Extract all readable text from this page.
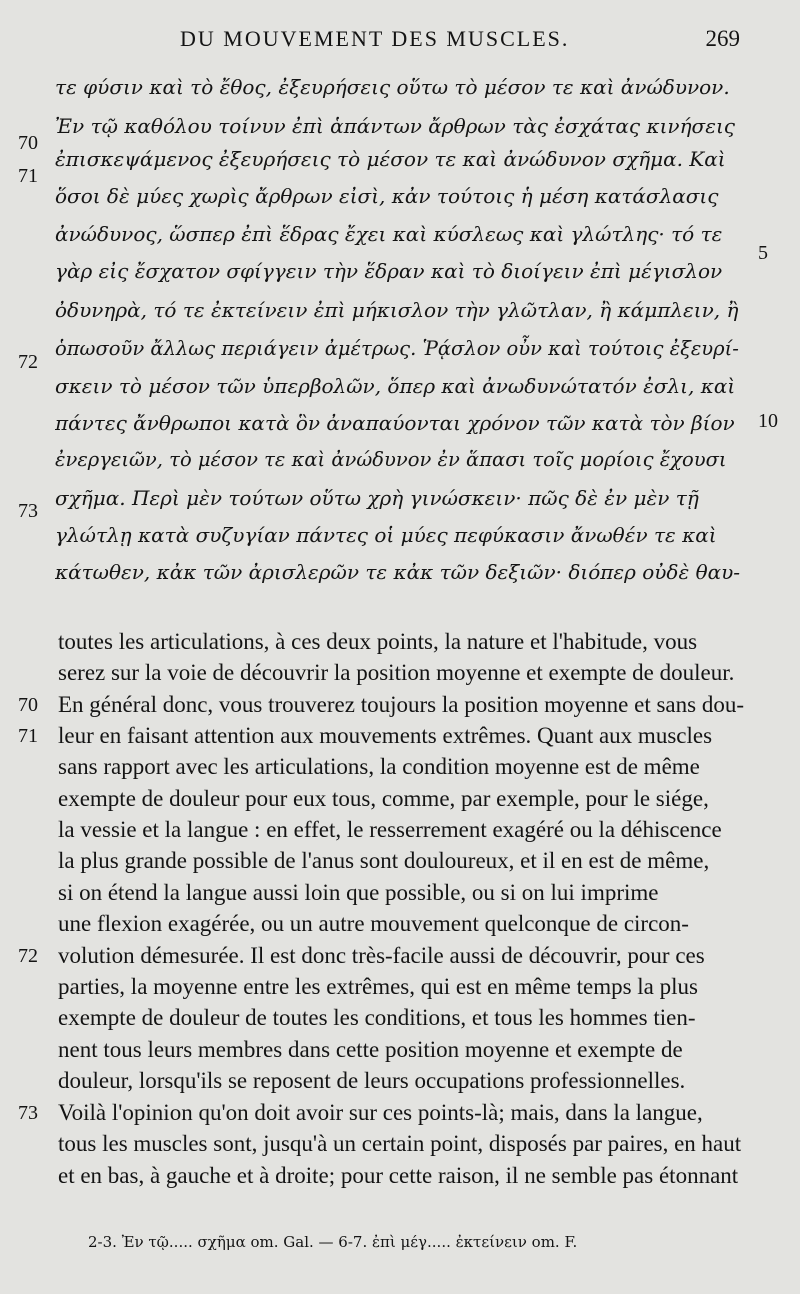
DU MOUVEMENT DES MUSCLES.	269
τε φύσιν καὶ τὸ ἔθος, ἐξευρήσεις οὕτω τὸ μέσον τε καὶ ἀνώδυνον.
Ἐν τῷ καθόλου τοίνυν ἐπὶ ἁπάντων ἄρθρων τὰς ἐσχάτας κινήσεις
ἐπισκεψάμενος ἐξευρήσεις τὸ μέσον τε καὶ ἀνώδυνον σχῆμα. Καὶ
ὅσοι δὲ μύες χωρὶς ἄρθρων εἰσὶ, κἀν τούτοις ἡ μέση κατάσλασις
ἀνώδυνος, ὥσπερ ἐπὶ ἕδρας ἔχει καὶ κύσλεως καὶ γλώτλης· τό τε
γὰρ εἰς ἔσχατον σφίγγειν τὴν ἕδραν καὶ τὸ διοίγειν ἐπὶ μέγισλον
ὀδυνηρὰ, τό τε ἐκτείνειν ἐπὶ μήκισλον τὴν γλῶτλαν, ἢ κάμπλειν, ἢ
ὁπωσοῦν ἄλλως περιάγειν ἀμέτρως. Ῥᾴσλον οὖν καὶ τούτοις ἐξευρί-
σκειν τὸ μέσον τῶν ὑπερβολῶν, ὅπερ καὶ ἀνωδυνώτατόν ἐσλι, καὶ
πάντες ἄνθρωποι κατὰ ὃν ἀναπαύονται χρόνον τῶν κατὰ τὸν βίον
ἐνεργειῶν, τὸ μέσον τε καὶ ἀνώδυνον ἐν ἅπασι τοῖς μορίοις ἔχουσι
σχῆμα. Περὶ μὲν τούτων οὕτω χρὴ γινώσκειν· πῶς δὲ ἐν μὲν τῇ
γλώτλῃ κατὰ συζυγίαν πάντες οἱ μύες πεφύκασιν ἄνωθέν τε καὶ
κάτωθεν, κἀκ τῶν ἀρισλερῶν τε κἀκ τῶν δεξιῶν· διόπερ οὐδὲ θαυ-
70
71
72
73
5
10
toutes les articulations, à ces deux points, la nature et l'habitude, vous
serez sur la voie de découvrir la position moyenne et exempte de douleur.
En général donc, vous trouverez toujours la position moyenne et sans dou-
leur en faisant attention aux mouvements extrêmes. Quant aux muscles
sans rapport avec les articulations, la condition moyenne est de même
exempte de douleur pour eux tous, comme, par exemple, pour le siége,
la vessie et la langue : en effet, le resserrement exagéré ou la déhiscence
la plus grande possible de l'anus sont douloureux, et il en est de même,
si on étend la langue aussi loin que possible, ou si on lui imprime
une flexion exagérée, ou un autre mouvement quelconque de circon-
volution démesurée. Il est donc très-facile aussi de découvrir, pour ces
parties, la moyenne entre les extrêmes, qui est en même temps la plus
exempte de douleur de toutes les conditions, et tous les hommes tien-
nent tous leurs membres dans cette position moyenne et exempte de
douleur, lorsqu'ils se reposent de leurs occupations professionnelles.
Voilà l'opinion qu'on doit avoir sur ces points-là; mais, dans la langue,
tous les muscles sont, jusqu'à un certain point, disposés par paires, en haut
et en bas, à gauche et à droite; pour cette raison, il ne semble pas étonnant
70
71
72
73
2-3. Ἐν τῷ..... σχῆμα om. Gal. — 6-7. ἐπὶ μέγ..... ἐκτείνειν om. F.
